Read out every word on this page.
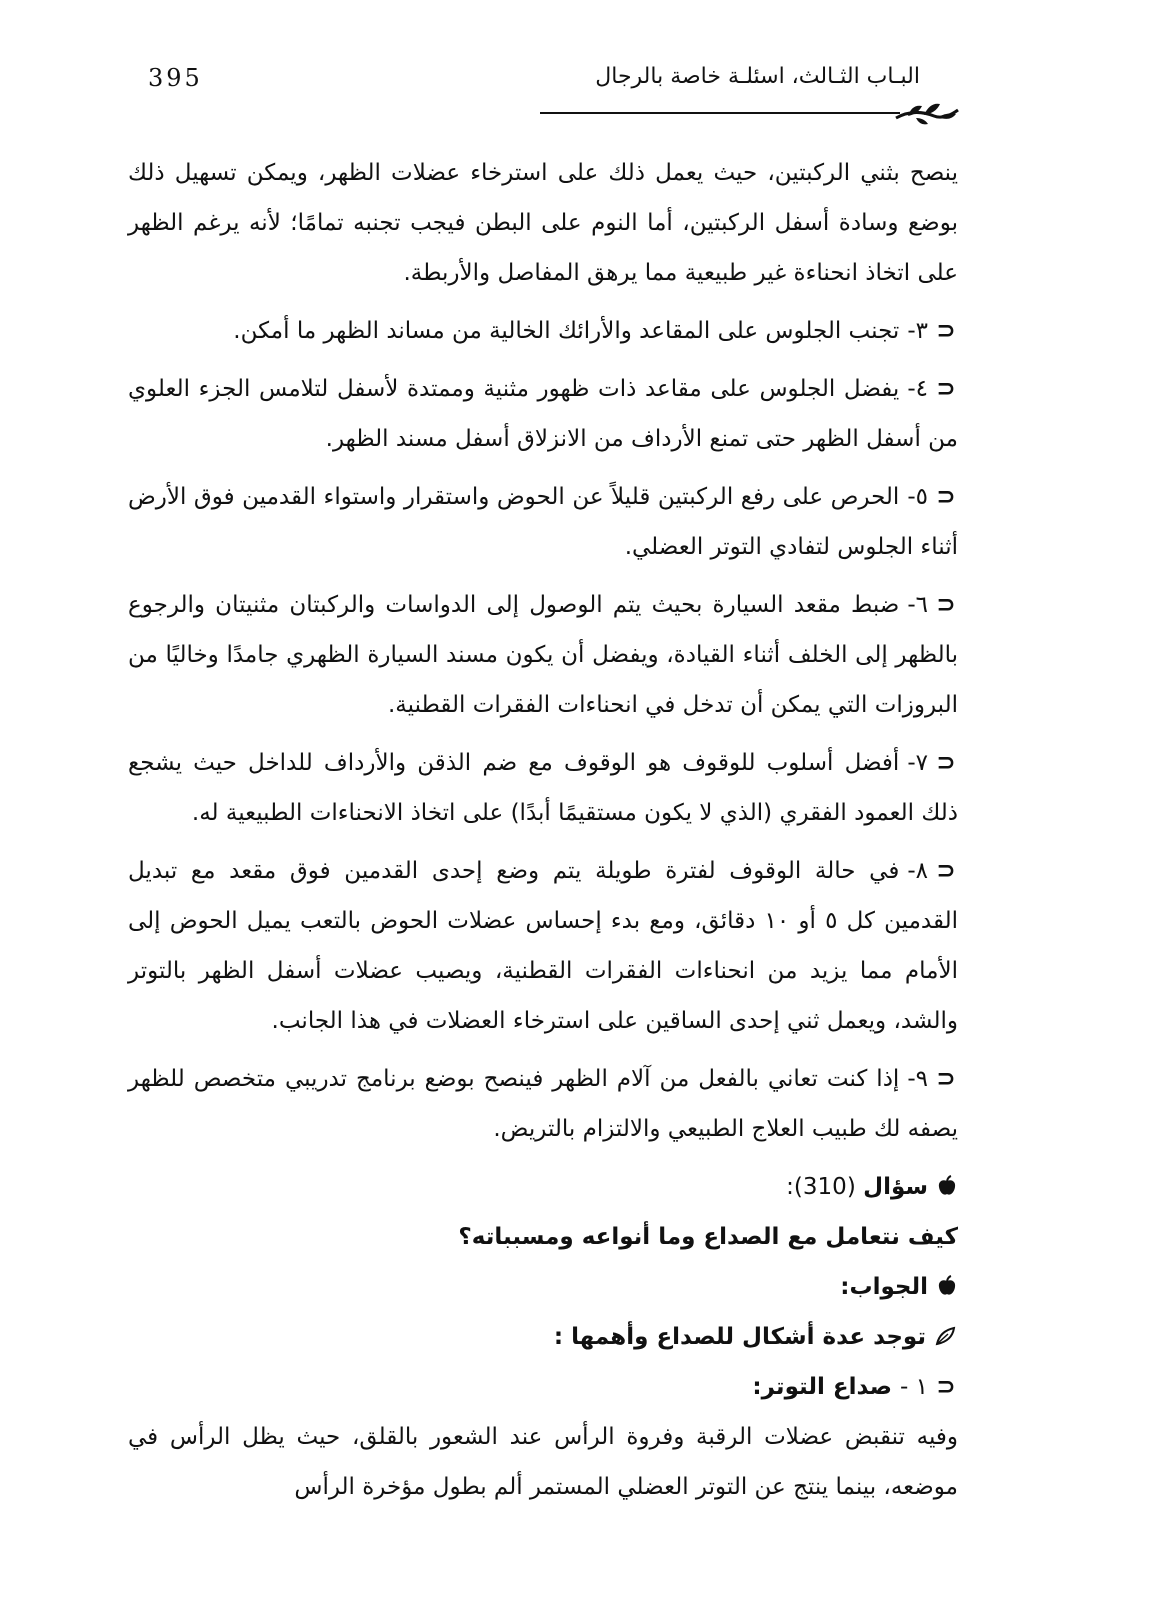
395	البـاب الثـالث، اسئلـة خاصة بالرجال

ينصح بثني الركبتين، حيث يعمل ذلك على استرخاء عضلات الظهر، ويمكن تسهيل ذلك بوضع وسادة أسفل الركبتين، أما النوم على البطن فيجب تجنبه تمامًا؛ لأنه يرغم الظهر على اتخاذ انحناءة غير طبيعية مما يرهق المفاصل والأربطة.

⊂٣-تجنب الجلوس على المقاعد والأرائك الخالية من مساند الظهر ما أمكن.

⊂٤-يفضل الجلوس على مقاعد ذات ظهور مثنية وممتدة لأسفل لتلامس الجزء العلوي من أسفل الظهر حتى تمنع الأرداف من الانزلاق أسفل مسند الظهر.

⊂٥-الحرص على رفع الركبتين قليلاً عن الحوض واستقرار واستواء القدمين فوق الأرض أثناء الجلوس لتفادي التوتر العضلي.

⊂٦-ضبط مقعد السيارة بحيث يتم الوصول إلى الدواسات والركبتان مثنيتان والرجوع بالظهر إلى الخلف أثناء القيادة، ويفضل أن يكون مسند السيارة الظهري جامدًا وخاليًا من البروزات التي يمكن أن تدخل في انحناءات الفقرات القطنية.

⊂٧-أفضل أسلوب للوقوف هو الوقوف مع ضم الذقن والأرداف للداخل حيث يشجع ذلك العمود الفقري (الذي لا يكون مستقيمًا أبدًا) على اتخاذ الانحناءات الطبيعية له.

⊂٨-في حالة الوقوف لفترة طويلة يتم وضع إحدى القدمين فوق مقعد مع تبديل القدمين كل ٥ أو ١٠ دقائق، ومع بدء إحساس عضلات الحوض بالتعب يميل الحوض إلى الأمام مما يزيد من انحناءات الفقرات القطنية، ويصيب عضلات أسفل الظهر بالتوتر والشد، ويعمل ثني إحدى الساقين على استرخاء العضلات في هذا الجانب.

⊂٩-إذا كنت تعاني بالفعل من آلام الظهر فينصح بوضع برنامج تدريبي متخصص للظهر يصفه لك طبيب العلاج الطبيعي والالتزام بالتريض.

سؤال (310):

كيف نتعامل مع الصداع وما أنواعه ومسبباته؟

الجواب:

توجد عدة أشكال للصداع وأهمها :

⊂١ -صداع التوتر:

وفيه تنقبض عضلات الرقبة وفروة الرأس عند الشعور بالقلق، حيث يظل الرأس في موضعه، بينما ينتج عن التوتر العضلي المستمر ألم بطول مؤخرة الرأس
